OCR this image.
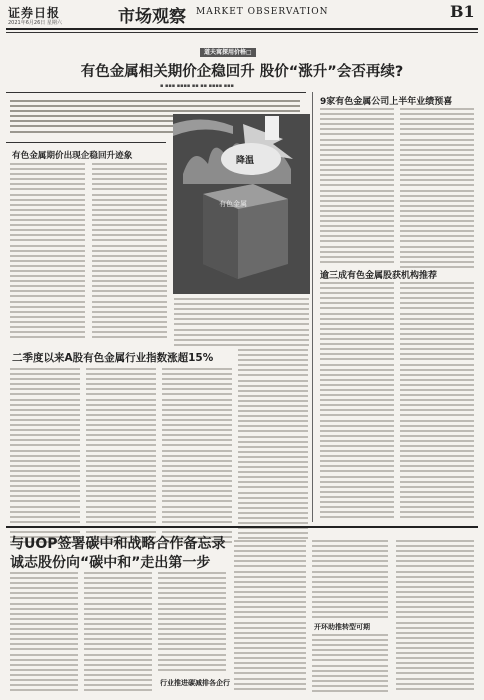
证券日报
2021年6月26日 星期六	市场观察 MARKET OBSERVATION	B1
道夫寓探用价格□
有色金属相关期价企稳回升 股价“涨升”会否再续?
▪ ▪▪▪ ▪▪▪▪ ▪▪ ▪▪ ▪▪▪▪ ▪▪▪
有色金属期价出现企稳回升迹象	降温
有色金属
二季度以来A股有色金属行业指数涨超15%
9家有色金属公司上半年业绩预喜
逾三成有色金属股获机构推荐
与UOP签署碳中和战略合作备忘录
诚志股份向“碳中和”走出第一步
行业推进碳减排各企行
开环助推转型可期
